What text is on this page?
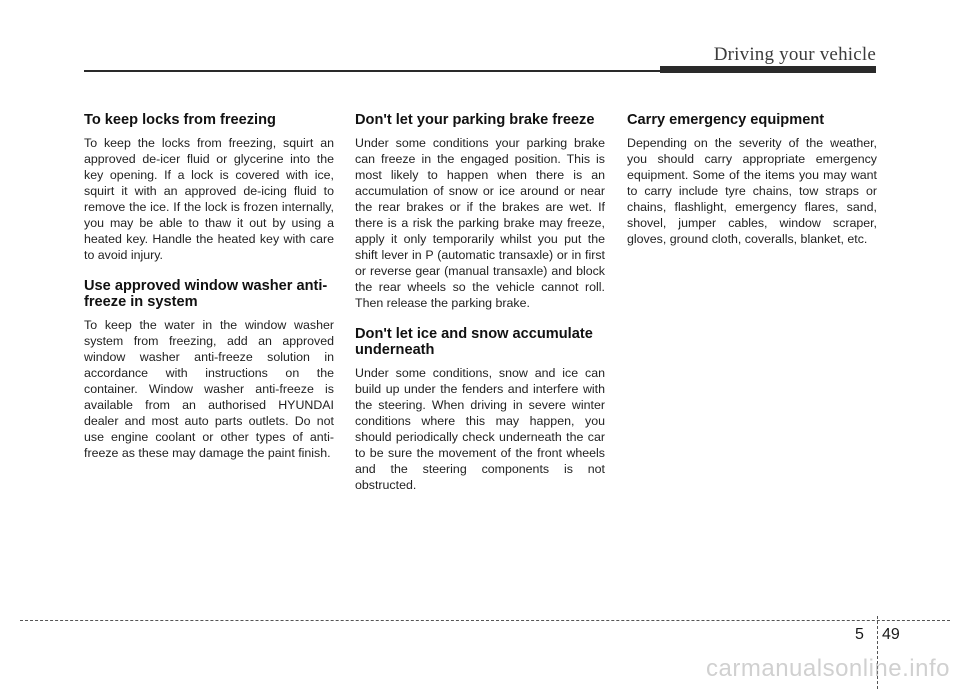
Driving your vehicle
To keep locks from freezing

To keep the locks from freezing, squirt an approved de-icer fluid or glycerine into the key opening. If a lock is covered with ice, squirt it with an approved de-icing fluid to remove the ice. If the lock is frozen internally, you may be able to thaw it out by using a heated key. Handle the heated key with care to avoid injury.

Use approved window washer anti-freeze in system

To keep the water in the window washer system from freezing, add an approved window washer anti-freeze solution in accordance with instructions on the container. Window washer anti-freeze is available from an authorised HYUNDAI dealer and most auto parts outlets. Do not use engine coolant or other types of anti-freeze as these may damage the paint finish.

Don't let your parking brake freeze

Under some conditions your parking brake can freeze in the engaged position. This is most likely to happen when there is an accumulation of snow or ice around or near the rear brakes or if the brakes are wet. If there is a risk the parking brake may freeze, apply it only temporarily whilst you put the shift lever in P (automatic transaxle) or in first or reverse gear (manual transaxle) and block the rear wheels so the vehicle cannot roll. Then release the parking brake.

Don't let ice and snow accumulate underneath

Under some conditions, snow and ice can build up under the fenders and interfere with the steering. When driving in severe winter conditions where this may happen, you should periodically check underneath the car to be sure the movement of the front wheels and the steering components is not obstructed.

Carry emergency equipment

Depending on the severity of the weather, you should carry appropriate emergency equipment. Some of the items you may want to carry include tyre chains, tow straps or chains, flashlight, emergency flares, sand, shovel, jumper cables, window scraper, gloves, ground cloth, coveralls, blanket, etc.

5 49
carmanualsonline.info
